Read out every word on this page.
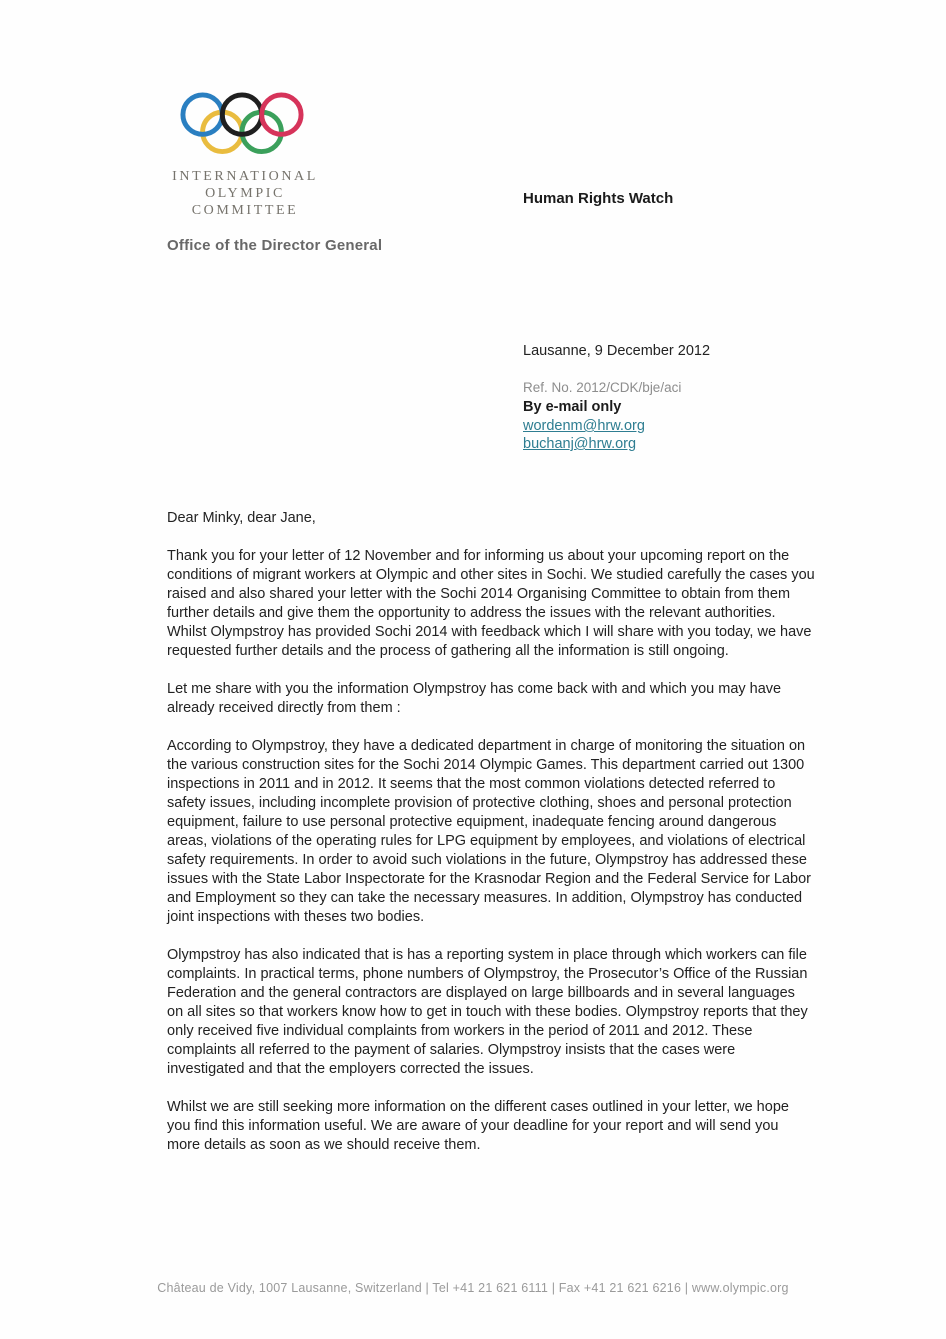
INTERNATIONAL
OLYMPIC
COMMITTEE
Office of the Director General
Human Rights Watch
Lausanne, 9 December 2012
Ref. No. 2012/CDK/bje/aci
By e-mail only
wordenm@hrw.org
buchanj@hrw.org

Dear Minky, dear Jane,

Thank you for your letter of 12 November and for informing us about your upcoming report on the conditions of migrant workers at Olympic and other sites in Sochi. We studied carefully the cases you raised and also shared your letter with the Sochi 2014 Organising Committee to obtain from them further details and give them the opportunity to address the issues with the relevant authorities. Whilst Olympstroy has provided Sochi 2014 with feedback which I will share with you today, we have requested further details and the process of gathering all the information is still ongoing.

Let me share with you the information Olympstroy has come back with and which you may have already received directly from them :

According to Olympstroy, they have a dedicated department in charge of monitoring the situation on the various construction sites for the Sochi 2014 Olympic Games. This department carried out 1300 inspections in 2011 and in 2012. It seems that the most common violations detected referred to safety issues, including incomplete provision of protective clothing, shoes and personal protection equipment, failure to use personal protective equipment, inadequate fencing around dangerous areas, violations of the operating rules for LPG equipment by employees, and violations of electrical safety requirements. In order to avoid such violations in the future, Olympstroy has addressed these issues with the State Labor Inspectorate for the Krasnodar Region and the Federal Service for Labor and Employment so they can take the necessary measures. In addition, Olympstroy has conducted joint inspections with theses two bodies.

Olympstroy has also indicated that is has a reporting system in place through which workers can file complaints. In practical terms, phone numbers of Olympstroy, the Prosecutor’s Office of the Russian Federation and the general contractors are displayed on large billboards and in several languages on all sites so that workers know how to get in touch with these bodies. Olympstroy reports that they only received five individual complaints from workers in the period of 2011 and 2012. These complaints all referred to the payment of salaries. Olympstroy insists that the cases were investigated and that the employers corrected the issues.

Whilst we are still seeking more information on the different cases outlined in your letter, we hope you find this information useful. We are aware of your deadline for your report and will send you more details as soon as we should receive them.

Château de Vidy, 1007 Lausanne, Switzerland | Tel +41 21 621 6111 | Fax +41 21 621 6216 | www.olympic.org
